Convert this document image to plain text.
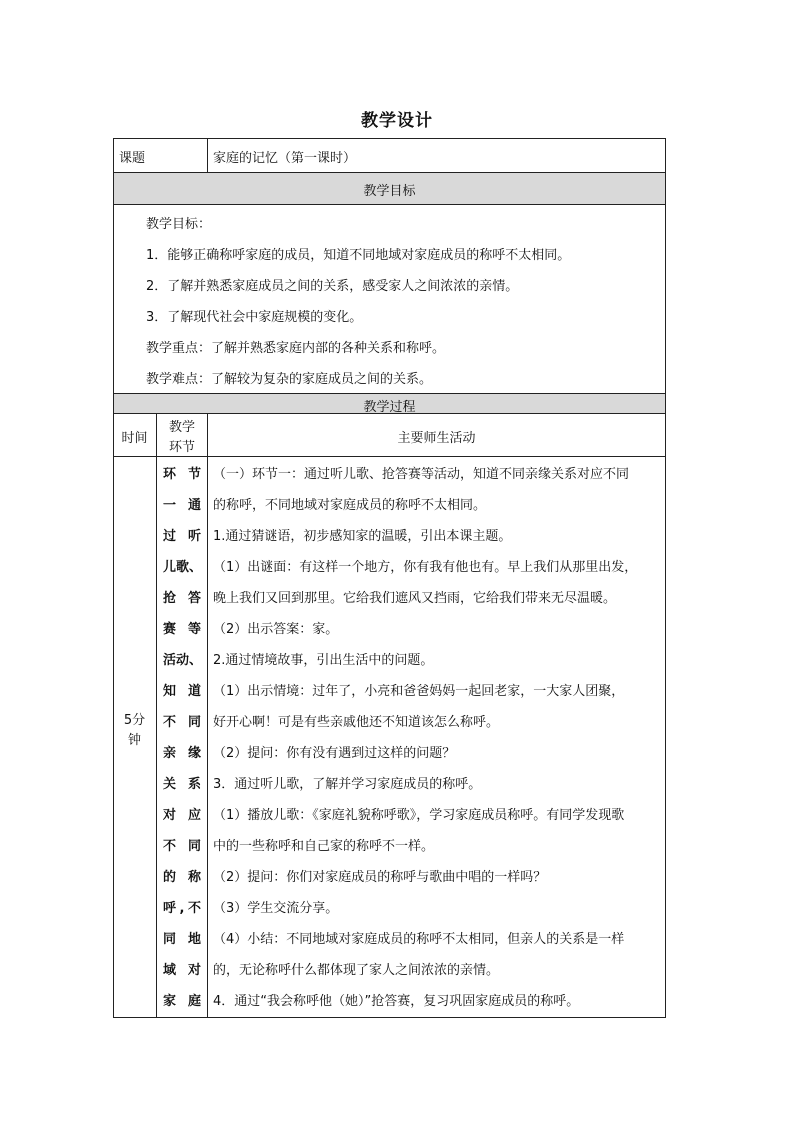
教学设计
课题	家庭的记忆（第一课时）
教学目标
教学目标：
1．能够正确称呼家庭的成员，知道不同地域对家庭成员的称呼不太相同。
2．了解并熟悉家庭成员之间的关系，感受家人之间浓浓的亲情。
3．了解现代社会中家庭规模的变化。
教学重点：了解并熟悉家庭内部的各种关系和称呼。
教学难点：了解较为复杂的家庭成员之间的关系。
教学过程
时间
教学
环节
主要师生活动
5分
钟
环节
一通
过听
儿歌、
抢答
赛等
活动、
知道
不同
亲缘
关系
对应
不同
的称
呼,不
同地
域对
家庭
（一）环节一：通过听儿歌、抢答赛等活动，知道不同亲缘关系对应不同
的称呼，不同地域对家庭成员的称呼不太相同。
1.通过猜谜语，初步感知家的温暖，引出本课主题。
（1）出谜面：有这样一个地方，你有我有他也有。早上我们从那里出发，
晚上我们又回到那里。它给我们遮风又挡雨，它给我们带来无尽温暖。
（2）出示答案：家。
2.通过情境故事，引出生活中的问题。
（1）出示情境：过年了，小亮和爸爸妈妈一起回老家，一大家人团聚，
好开心啊！可是有些亲戚他还不知道该怎么称呼。
（2）提问：你有没有遇到过这样的问题？
3．通过听儿歌，了解并学习家庭成员的称呼。
（1）播放儿歌：《家庭礼貌称呼歌》，学习家庭成员称呼。有同学发现歌
中的一些称呼和自己家的称呼不一样。
（2）提问：你们对家庭成员的称呼与歌曲中唱的一样吗？
（3）学生交流分享。
（4）小结：不同地域对家庭成员的称呼不太相同，但亲人的关系是一样
的，无论称呼什么都体现了家人之间浓浓的亲情。
4．通过“我会称呼他（她）”抢答赛，复习巩固家庭成员的称呼。
